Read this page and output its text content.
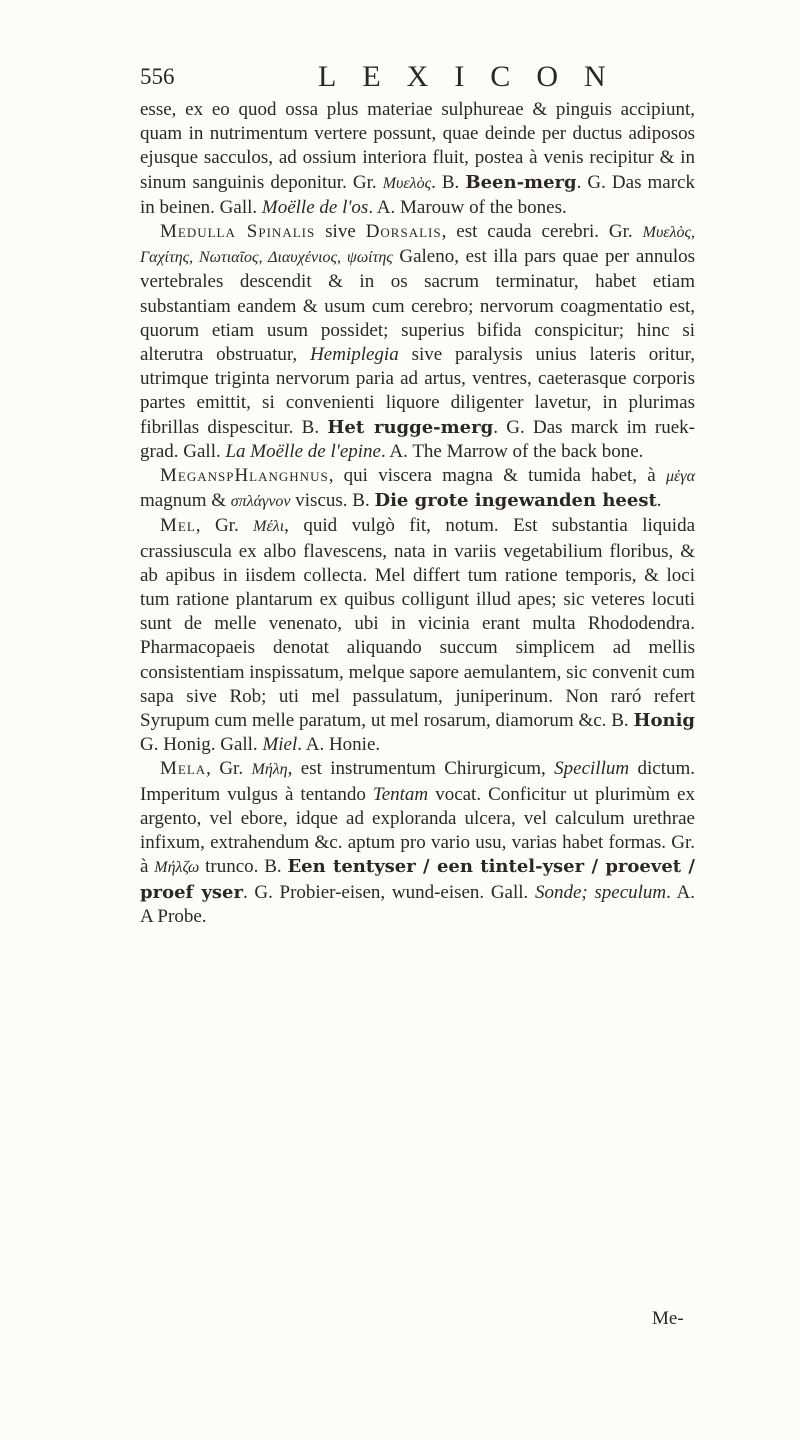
556	LEXICON

esse, ex eo quod ossa plus materiae sulphureae & pinguis accipiunt, quam in nutrimentum vertere possunt, quae deinde per ductus adiposos ejusque sacculos, ad ossium interiora fluit, postea à venis recipitur & in sinum sanguinis deponitur. Gr. Μυελὸς. B. Been-merg. G. Das marck in beinen. Gall. Moëlle de l'os. A. Marouw of the bones.

Medulla Spinalis sive Dorsalis, est cauda cerebri. Gr. Μυελὸς, Γαχίτης, Νωτιαῖος, Διαυχένιος, ψωίτης Galeno, est illa pars quae per annulos vertebrales descendit & in os sacrum terminatur, habet etiam substantiam eandem & usum cum cerebro; nervorum coagmentatio est, quorum etiam usum possidet; superius bifida conspicitur; hinc si alterutra obstruatur, Hemiplegia sive paralysis unius lateris oritur, utrimque triginta nervorum paria ad artus, ventres, caeterasque corporis partes emittit, si convenienti liquore diligenter lavetur, in plurimas fibrillas dispescitur. B. Het rugge-merg. G. Das marck im ruek-grad. Gall. La Moëlle de l'epine. A. The Marrow of the back bone.

MeganspHlanghnus, qui viscera magna & tumida habet, à μέγα magnum & σπλάγνον viscus. B. Die grote ingewanden heest.

Mel, Gr. Μέλι, quid vulgò fit, notum. Est substantia liquida crassiuscula ex albo flavescens, nata in variis vegetabilium floribus, & ab apibus in iisdem collecta. Mel differt tum ratione temporis, & loci tum ratione plantarum ex quibus colligunt illud apes; sic veteres locuti sunt de melle venenato, ubi in vicinia erant multa Rhododendra. Pharmacopaeis denotat aliquando succum simplicem ad mellis consistentiam inspissatum, melque sapore aemulantem, sic convenit cum sapa sive Rob; uti mel passulatum, juniperinum. Non raró refert Syrupum cum melle paratum, ut mel rosarum, diamorum &c. B. Honig G. Honig. Gall. Miel. A. Honie.

Mela, Gr. Μήλη, est instrumentum Chirurgicum, Specillum dictum. Imperitum vulgus à tentando Tentam vocat. Conficitur ut plurimùm ex argento, vel ebore, idque ad exploranda ulcera, vel calculum urethrae infixum, extrahendum &c. aptum pro vario usu, varias habet formas. Gr. à Μήλζω trunco. B. Een tentyser / een tintel-yser / proevet / proef yser. G. Probier-eisen, wund-eisen. Gall. Sonde; speculum. A. A Probe.

Me-
